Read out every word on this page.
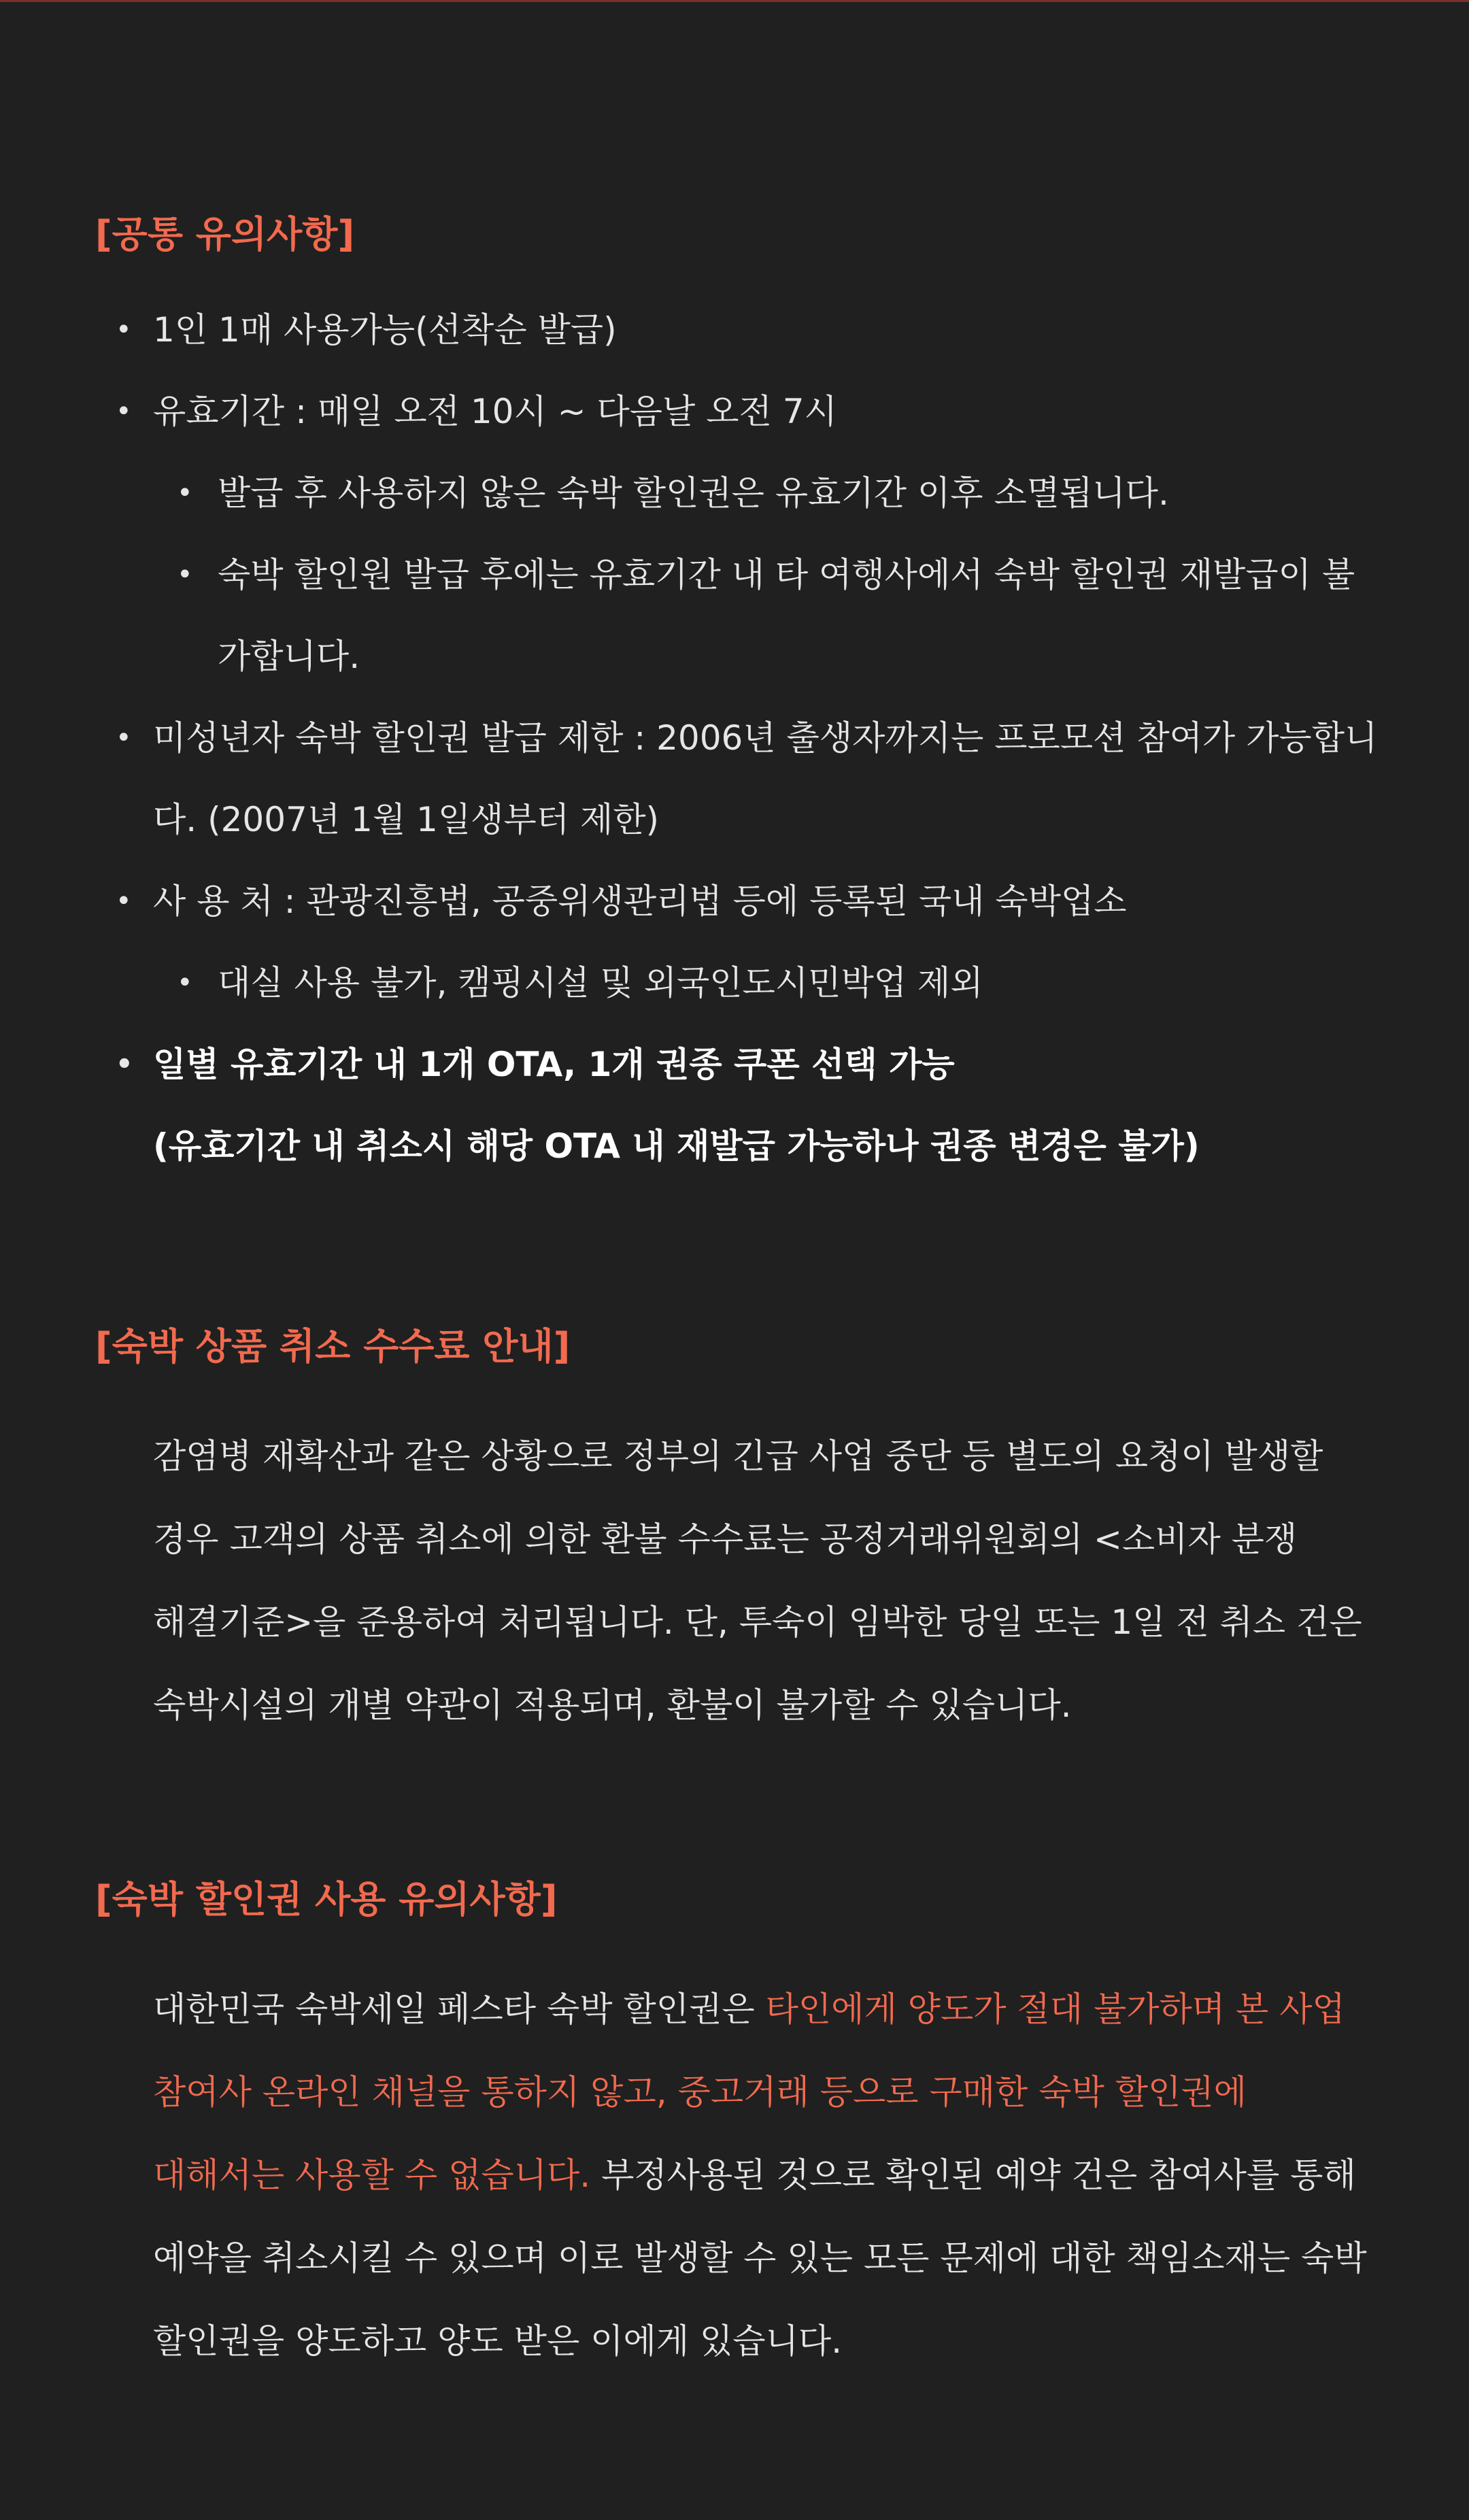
[공통 유의사항]
• 1인 1매 사용가능(선착순 발급)
• 유효기간 : 매일 오전 10시 ~ 다음날 오전 7시
• 발급 후 사용하지 않은 숙박 할인권은 유효기간 이후 소멸됩니다.
• 숙박 할인원 발급 후에는 유효기간 내 타 여행사에서 숙박 할인권 재발급이 불가합니다.
• 미성년자 숙박 할인권 발급 제한 : 2006년 출생자까지는 프로모션 참여가 가능합니다. (2007년 1월 1일생부터 제한)
• 사 용 처 : 관광진흥법, 공중위생관리법 등에 등록된 국내 숙박업소
• 대실 사용 불가, 캠핑시설 및 외국인도시민박업 제외
• 일별 유효기간 내 1개 OTA, 1개 권종 쿠폰 선택 가능
(유효기간 내 취소시 해당 OTA 내 재발급 가능하나 권종 변경은 불가)
[숙박 상품 취소 수수료 안내]

감염병 재확산과 같은 상황으로 정부의 긴급 사업 중단 등 별도의 요청이 발생할 경우 고객의 상품 취소에 의한 환불 수수료는 공정거래위원회의 <소비자 분쟁 해결기준>을 준용하여 처리됩니다. 단, 투숙이 임박한 당일 또는 1일 전 취소 건은 숙박시설의 개별 약관이 적용되며, 환불이 불가할 수 있습니다.

[숙박 할인권 사용 유의사항]

대한민국 숙박세일 페스타 숙박 할인권은 타인에게 양도가 절대 불가하며 본 사업 참여사 온라인 채널을 통하지 않고, 중고거래 등으로 구매한 숙박 할인권에 대해서는 사용할 수 없습니다. 부정사용된 것으로 확인된 예약 건은 참여사를 통해 예약을 취소시킬 수 있으며 이로 발생할 수 있는 모든 문제에 대한 책임소재는 숙박 할인권을 양도하고 양도 받은 이에게 있습니다.
